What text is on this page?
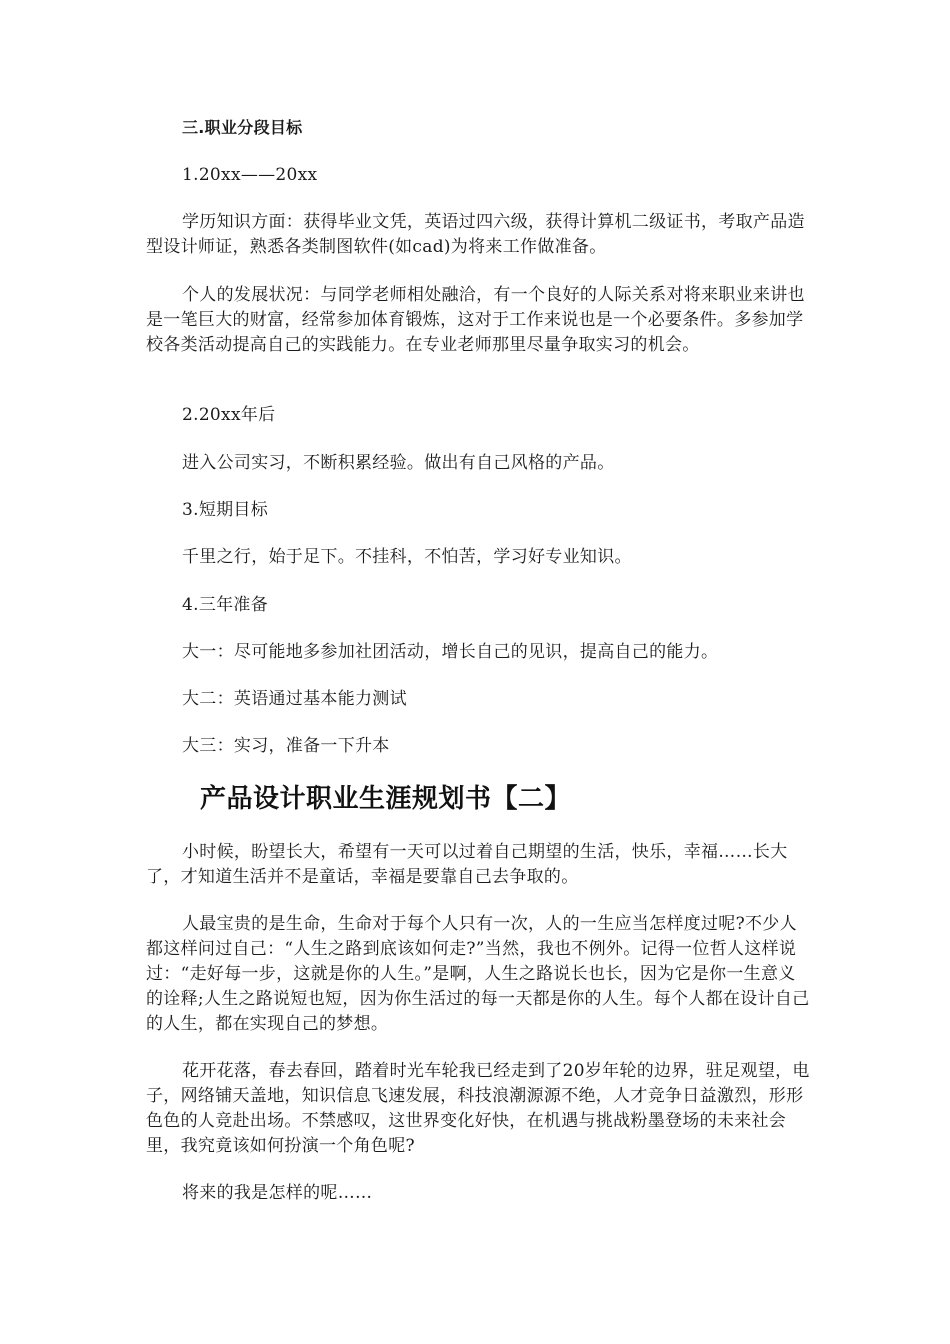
三.职业分段目标

1.20xx——20xx

学历知识方面：获得毕业文凭，英语过四六级，获得计算机二级证书，考取产品造型设计师证，熟悉各类制图软件(如cad)为将来工作做准备。

个人的发展状况：与同学老师相处融洽，有一个良好的人际关系对将来职业来讲也是一笔巨大的财富，经常参加体育锻炼，这对于工作来说也是一个必要条件。多参加学校各类活动提高自己的实践能力。在专业老师那里尽量争取实习的机会。

2.20xx年后

进入公司实习，不断积累经验。做出有自己风格的产品。

3.短期目标

千里之行，始于足下。不挂科，不怕苦，学习好专业知识。

4.三年准备

大一：尽可能地多参加社团活动，增长自己的见识，提高自己的能力。

大二：英语通过基本能力测试

大三：实习，准备一下升本

产品设计职业生涯规划书【二】

小时候，盼望长大，希望有一天可以过着自己期望的生活，快乐，幸福……长大了，才知道生活并不是童话，幸福是要靠自己去争取的。

人最宝贵的是生命，生命对于每个人只有一次，人的一生应当怎样度过呢?不少人都这样问过自己：“人生之路到底该如何走?”当然，我也不例外。记得一位哲人这样说过：“走好每一步，这就是你的人生。”是啊，人生之路说长也长，因为它是你一生意义的诠释;人生之路说短也短，因为你生活过的每一天都是你的人生。每个人都在设计自己的人生，都在实现自己的梦想。

花开花落，春去春回，踏着时光车轮我已经走到了20岁年轮的边界，驻足观望，电子，网络铺天盖地，知识信息飞速发展，科技浪潮源源不绝，人才竞争日益激烈，形形色色的人竞赴出场。不禁感叹，这世界变化好快，在机遇与挑战粉墨登场的未来社会里，我究竟该如何扮演一个角色呢?

将来的我是怎样的呢……
